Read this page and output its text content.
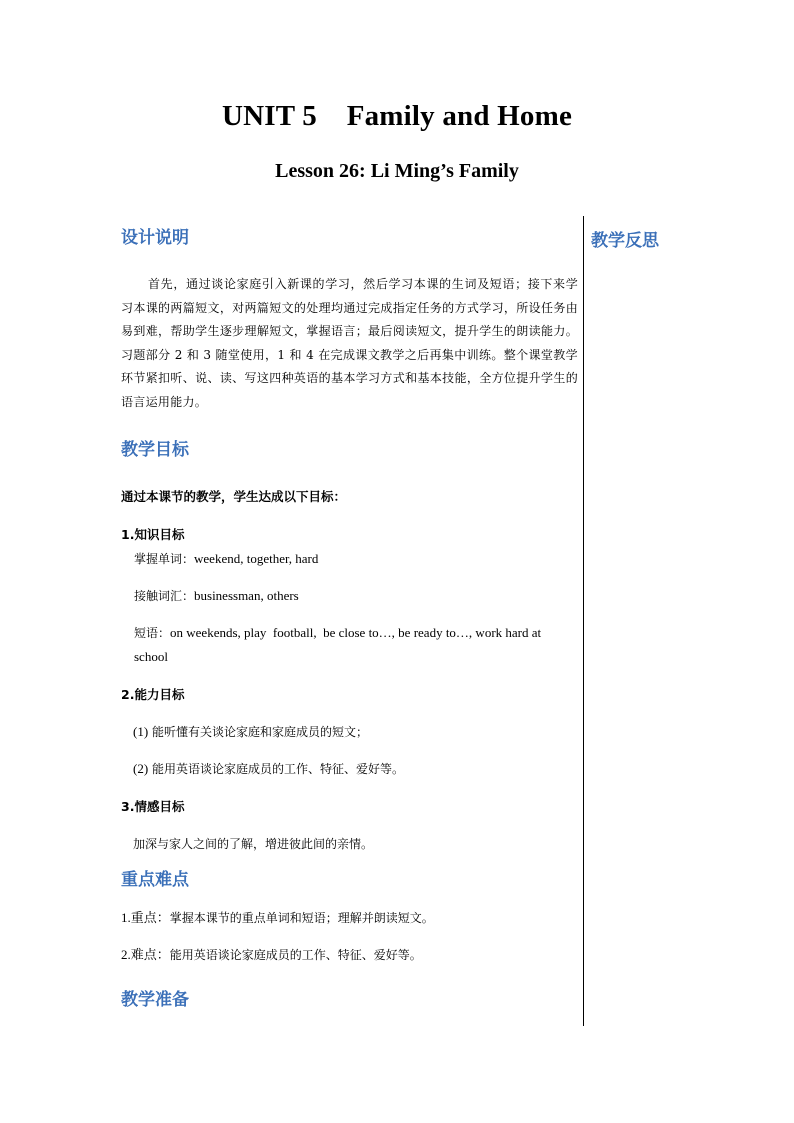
UNIT 5    Family and Home
Lesson 26: Li Ming’s Family
教学反思

设计说明

首先，通过谈论家庭引入新课的学习，然后学习本课的生词及短语；接下来学习本课的两篇短文，对两篇短文的处理均通过完成指定任务的方式学习，所设任务由易到难，帮助学生逐步理解短文，掌握语言；最后阅读短文，提升学生的朗读能力。习题部分 2 和 3 随堂使用，1 和 4 在完成课文教学之后再集中训练。整个课堂教学环节紧扣听、说、读、写这四种英语的基本学习方式和基本技能，全方位提升学生的语言运用能力。

教学目标

通过本课节的教学，学生达成以下目标：

1.知识目标

掌握单词：weekend, together, hard

接触词汇：businessman, others

短语：on weekends, play  football,  be close to…, be ready to…, work hard at

school

2.能力目标

(1) 能听懂有关谈论家庭和家庭成员的短文；

(2) 能用英语谈论家庭成员的工作、特征、爱好等。

3.情感目标

加深与家人之间的了解，增进彼此间的亲情。

重点难点

1.重点：掌握本课节的重点单词和短语；理解并朗读短文。

2.难点：能用英语谈论家庭成员的工作、特征、爱好等。

教学准备
